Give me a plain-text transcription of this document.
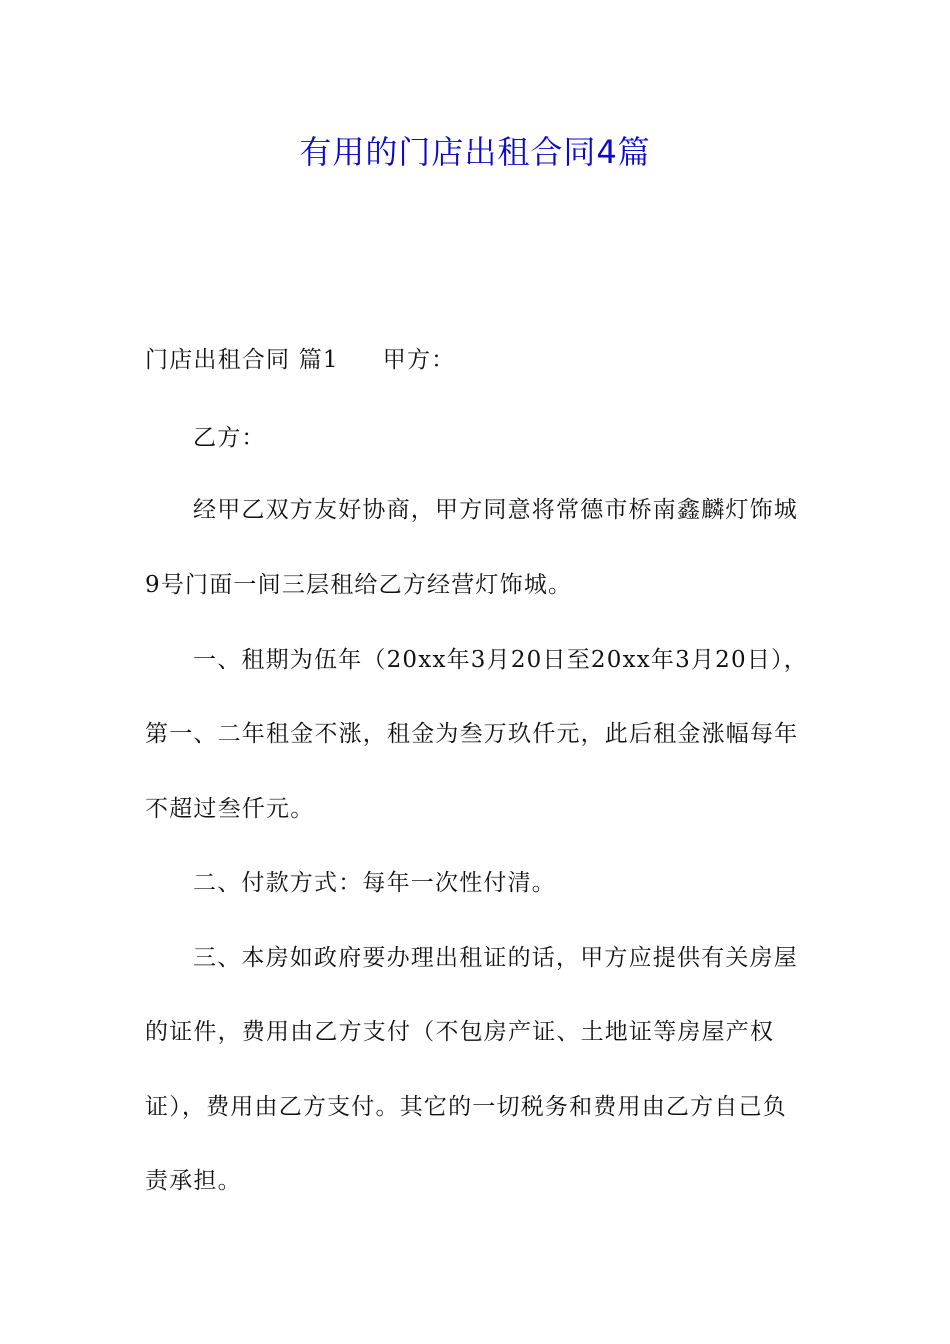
有用的门店出租合同4篇
门店出租合同 篇1 甲方：
乙方：
经甲乙双方友好协商，甲方同意将常德市桥南鑫麟灯饰城
9号门面一间三层租给乙方经营灯饰城。
一、租期为伍年（20xx年3月20日至20xx年3月20日），
第一、二年租金不涨，租金为叁万玖仟元，此后租金涨幅每年
不超过叁仟元。
二、付款方式：每年一次性付清。
三、本房如政府要办理出租证的话，甲方应提供有关房屋
的证件，费用由乙方支付（不包房产证、土地证等房屋产权
证），费用由乙方支付。其它的一切税务和费用由乙方自己负
责承担。
